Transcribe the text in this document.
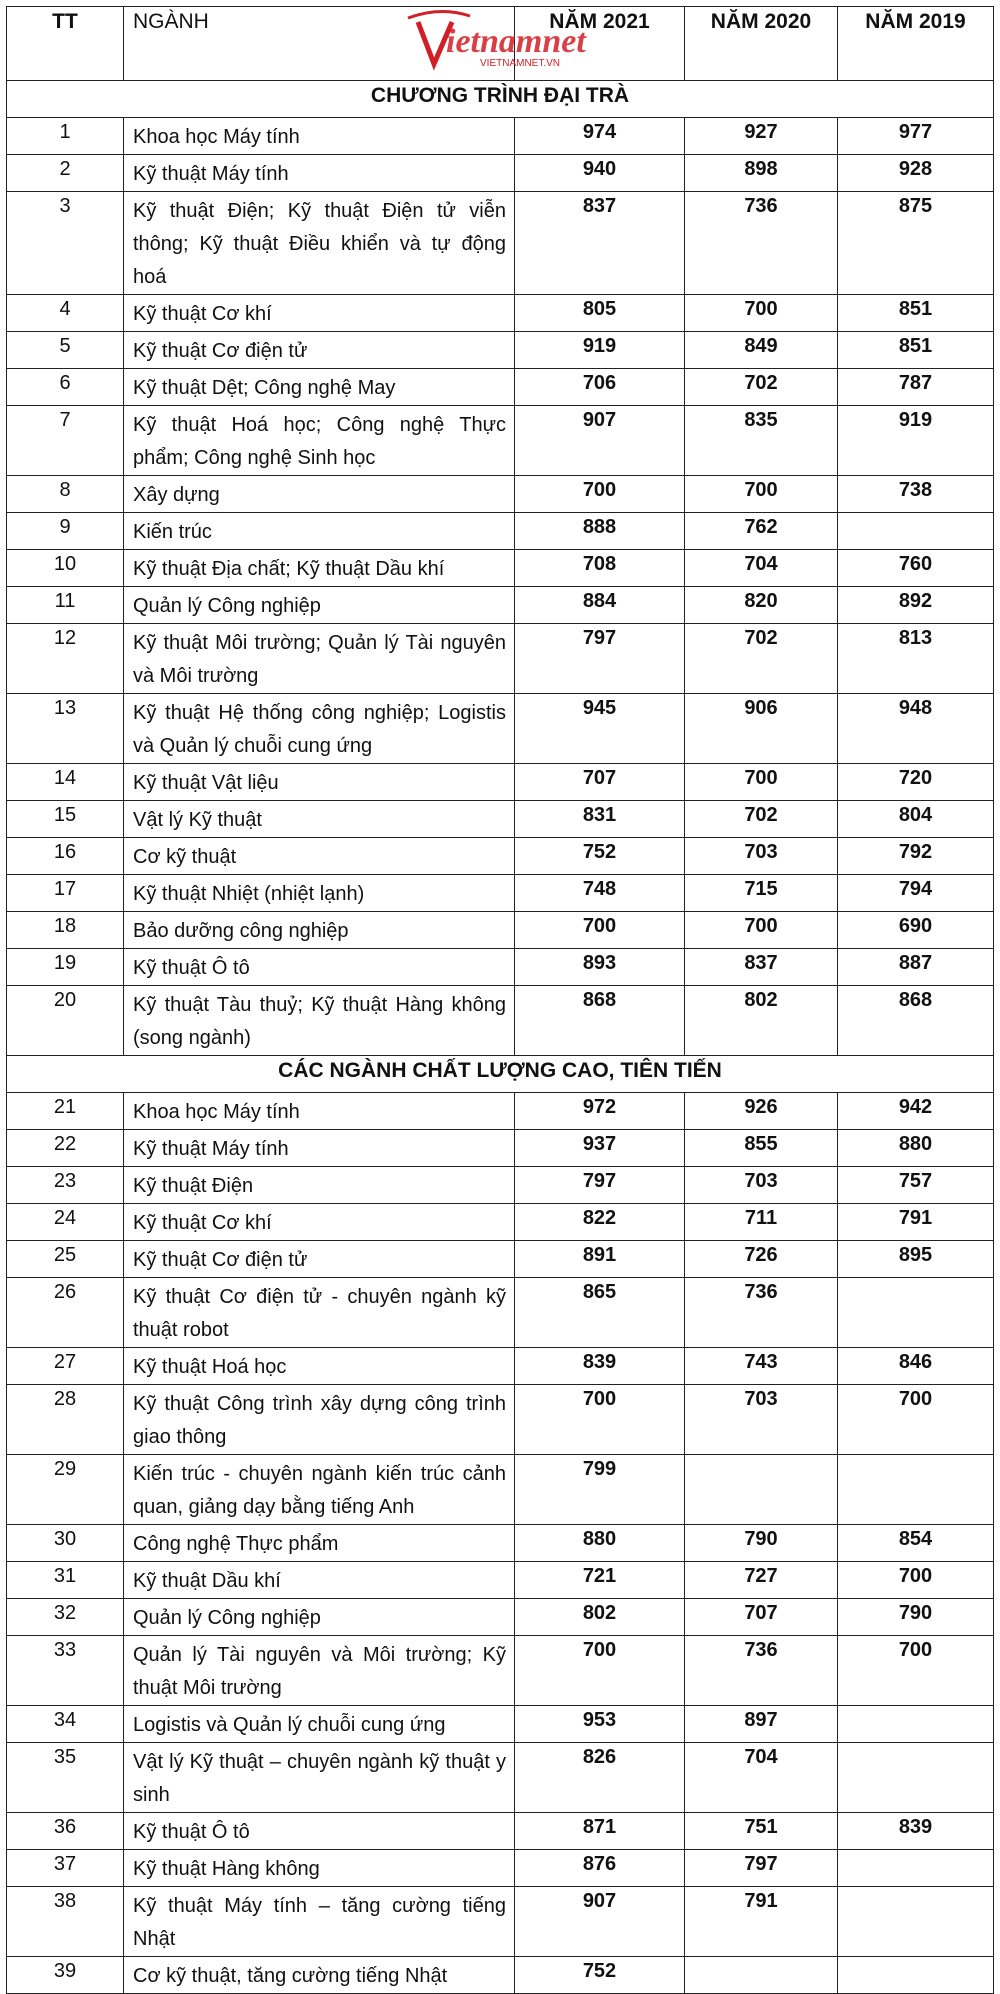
TT	NGÀNH	NĂM 2021	NĂM 2020	NĂM 2019
CHƯƠNG TRÌNH ĐẠI TRÀ				
1	Khoa học Máy tính	974	927	977
2	Kỹ thuật Máy tính	940	898	928
3	Kỹ thuật Điện; Kỹ thuật Điện tử viễn thông; Kỹ thuật Điều khiển và tự động hoá	837	736	875
4	Kỹ thuật Cơ khí	805	700	851
5	Kỹ thuật Cơ điện tử	919	849	851
6	Kỹ thuật Dệt; Công nghệ May	706	702	787
7	Kỹ thuật Hoá học; Công nghệ Thực phẩm; Công nghệ Sinh học	907	835	919
8	Xây dựng	700	700	738
9	Kiến trúc	888	762	
10	Kỹ thuật Địa chất; Kỹ thuật Dầu khí	708	704	760
11	Quản lý Công nghiệp	884	820	892
12	Kỹ thuật Môi trường; Quản lý Tài nguyên và Môi trường	797	702	813
13	Kỹ thuật Hệ thống công nghiệp; Logistis và Quản lý chuỗi cung ứng	945	906	948
14	Kỹ thuật Vật liệu	707	700	720
15	Vật lý Kỹ thuật	831	702	804
16	Cơ kỹ thuật	752	703	792
17	Kỹ thuật Nhiệt (nhiệt lạnh)	748	715	794
18	Bảo dưỡng công nghiệp	700	700	690
19	Kỹ thuật Ô tô	893	837	887
20	Kỹ thuật Tàu thuỷ; Kỹ thuật Hàng không (song ngành)	868	802	868
CÁC NGÀNH CHẤT LƯỢNG CAO, TIÊN TIẾN				
21	Khoa học Máy tính	972	926	942
22	Kỹ thuật Máy tính	937	855	880
23	Kỹ thuật Điện	797	703	757
24	Kỹ thuật Cơ khí	822	711	791
25	Kỹ thuật Cơ điện tử	891	726	895
26	Kỹ thuật Cơ điện tử - chuyên ngành kỹ thuật robot	865	736	
27	Kỹ thuật Hoá học	839	743	846
28	Kỹ thuật Công trình xây dựng công trình giao thông	700	703	700
29	Kiến trúc - chuyên ngành kiến trúc cảnh quan, giảng dạy bằng tiếng Anh	799		
30	Công nghệ Thực phẩm	880	790	854
31	Kỹ thuật Dầu khí	721	727	700
32	Quản lý Công nghiệp	802	707	790
33	Quản lý Tài nguyên và Môi trường; Kỹ thuật Môi trường	700	736	700
34	Logistis và Quản lý chuỗi cung ứng	953	897	
35	Vật lý Kỹ thuật – chuyên ngành kỹ thuật y sinh	826	704	
36	Kỹ thuật Ô tô	871	751	839
37	Kỹ thuật Hàng không	876	797	
38	Kỹ thuật Máy tính – tăng cường tiếng Nhật	907	791	
39	Cơ kỹ thuật, tăng cường tiếng Nhật	752		
ietnamnet
VIETNAMNET.VN
